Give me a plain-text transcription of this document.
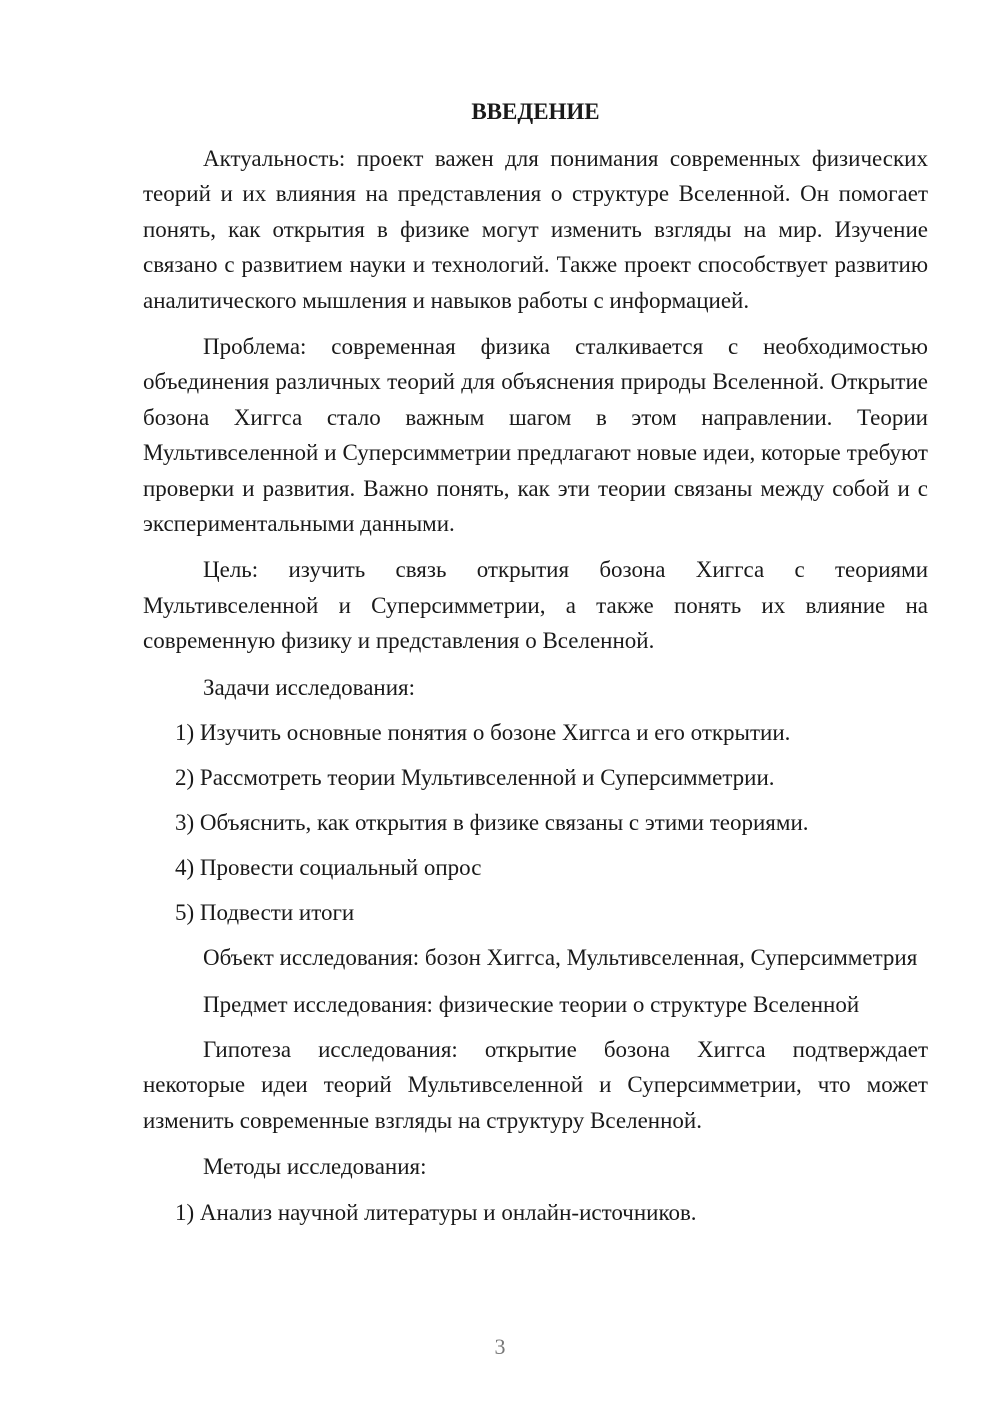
ВВЕДЕНИЕ
Актуальность: проект важен для понимания современных физических теорий и их влияния на представления о структуре Вселенной. Он помогает понять, как открытия в физике могут изменить взгляды на мир. Изучение связано с развитием науки и технологий. Также проект способствует развитию аналитического мышления и навыков работы с информацией.
Проблема: современная физика сталкивается с необходимостью объединения различных теорий для объяснения природы Вселенной. Открытие бозона Хиггса стало важным шагом в этом направлении. Теории Мультивселенной и Суперсимметрии предлагают новые идеи, которые требуют проверки и развития. Важно понять, как эти теории связаны между собой и с экспериментальными данными.
Цель: изучить связь открытия бозона Хиггса с теориями Мультивселенной и Суперсимметрии, а также понять их влияние на современную физику и представления о Вселенной.
Задачи исследования:
1) Изучить основные понятия о бозоне Хиггса и его открытии.
2) Рассмотреть теории Мультивселенной и Суперсимметрии.
3) Объяснить, как открытия в физике связаны с этими теориями.
4) Провести социальный опрос
5) Подвести итоги
Объект исследования: бозон Хиггса, Мультивселенная, Суперсимметрия
Предмет исследования: физические теории о структуре Вселенной
Гипотеза исследования: открытие бозона Хиггса подтверждает некоторые идеи теорий Мультивселенной и Суперсимметрии, что может изменить современные взгляды на структуру Вселенной.
Методы исследования:
1) Анализ научной литературы и онлайн-источников.
3
